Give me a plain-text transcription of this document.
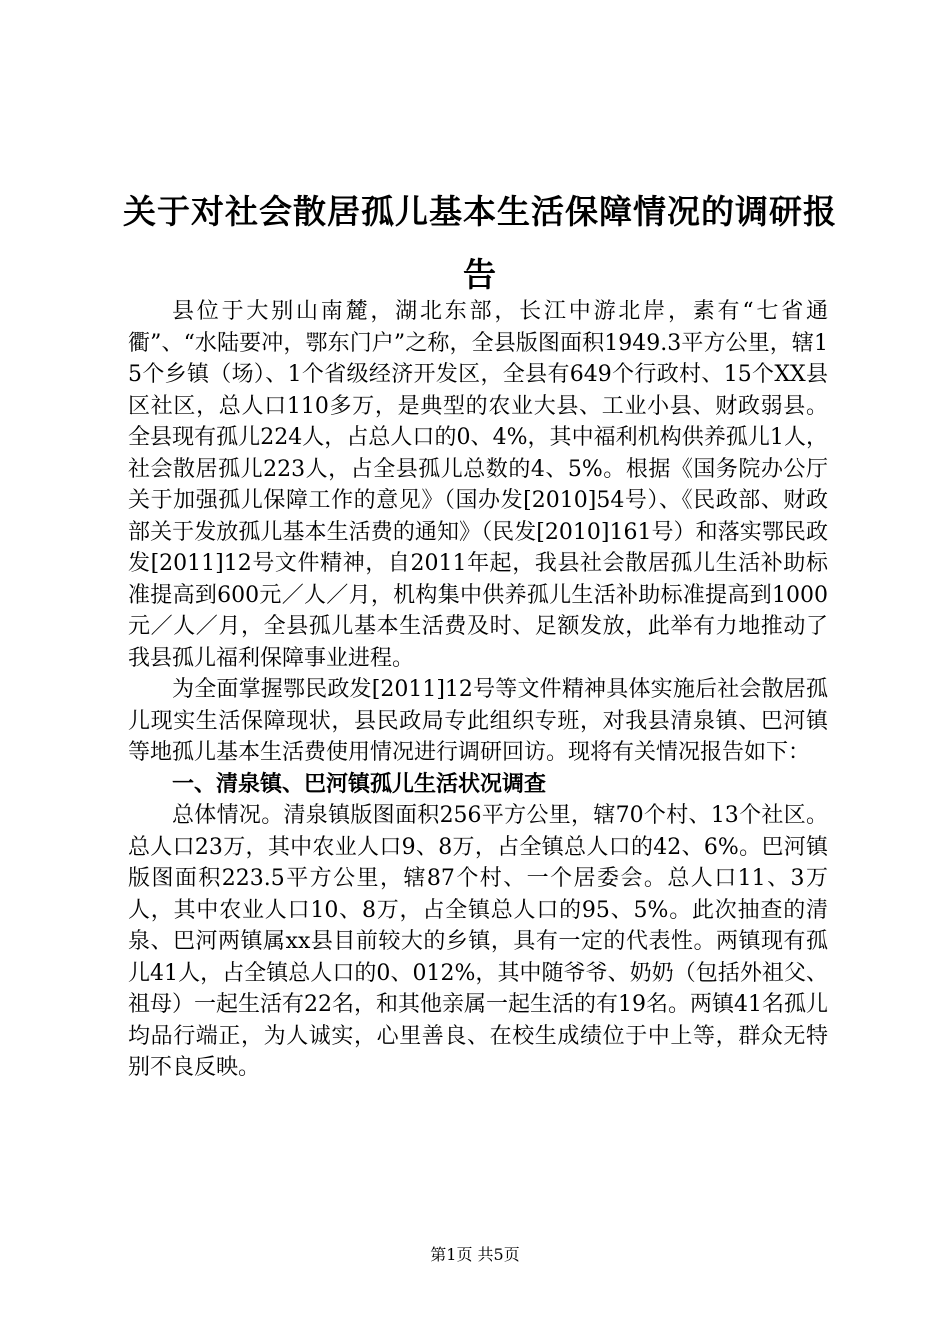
关于对社会散居孤儿基本生活保障情况的调研报告

县位于大别山南麓，湖北东部，长江中游北岸，素有“七省通衢”、“水陆要冲，鄂东门户”之称，全县版图面积1949.3平方公里，辖15个乡镇（场）、1个省级经济开发区，全县有649个行政村、15个XX县区社区，总人口110多万，是典型的农业大县、工业小县、财政弱县。全县现有孤儿224人，占总人口的0、4%，其中福利机构供养孤儿1人，社会散居孤儿223人，占全县孤儿总数的4、5%。根据《国务院办公厅关于加强孤儿保障工作的意见》（国办发[2010]54号）、《民政部、财政部关于发放孤儿基本生活费的通知》（民发[2010]161号）和落实鄂民政发[2011]12号文件精神，自2011年起，我县社会散居孤儿生活补助标准提高到600元／人／月，机构集中供养孤儿生活补助标准提高到1000元／人／月，全县孤儿基本生活费及时、足额发放，此举有力地推动了我县孤儿福利保障事业进程。

为全面掌握鄂民政发[2011]12号等文件精神具体实施后社会散居孤儿现实生活保障现状，县民政局专此组织专班，对我县清泉镇、巴河镇等地孤儿基本生活费使用情况进行调研回访。现将有关情况报告如下：

一、清泉镇、巴河镇孤儿生活状况调查

总体情况。清泉镇版图面积256平方公里，辖70个村、13个社区。总人口23万，其中农业人口9、8万，占全镇总人口的42、6%。巴河镇版图面积223.5平方公里，辖87个村、一个居委会。总人口11、3万人，其中农业人口10、8万，占全镇总人口的95、5%。此次抽查的清泉、巴河两镇属xx县目前较大的乡镇，具有一定的代表性。两镇现有孤儿41人，占全镇总人口的0、012%，其中随爷爷、奶奶（包括外祖父、祖母）一起生活有22名，和其他亲属一起生活的有19名。两镇41名孤儿均品行端正，为人诚实，心里善良、在校生成绩位于中上等，群众无特别不良反映。

第1页 共5页
